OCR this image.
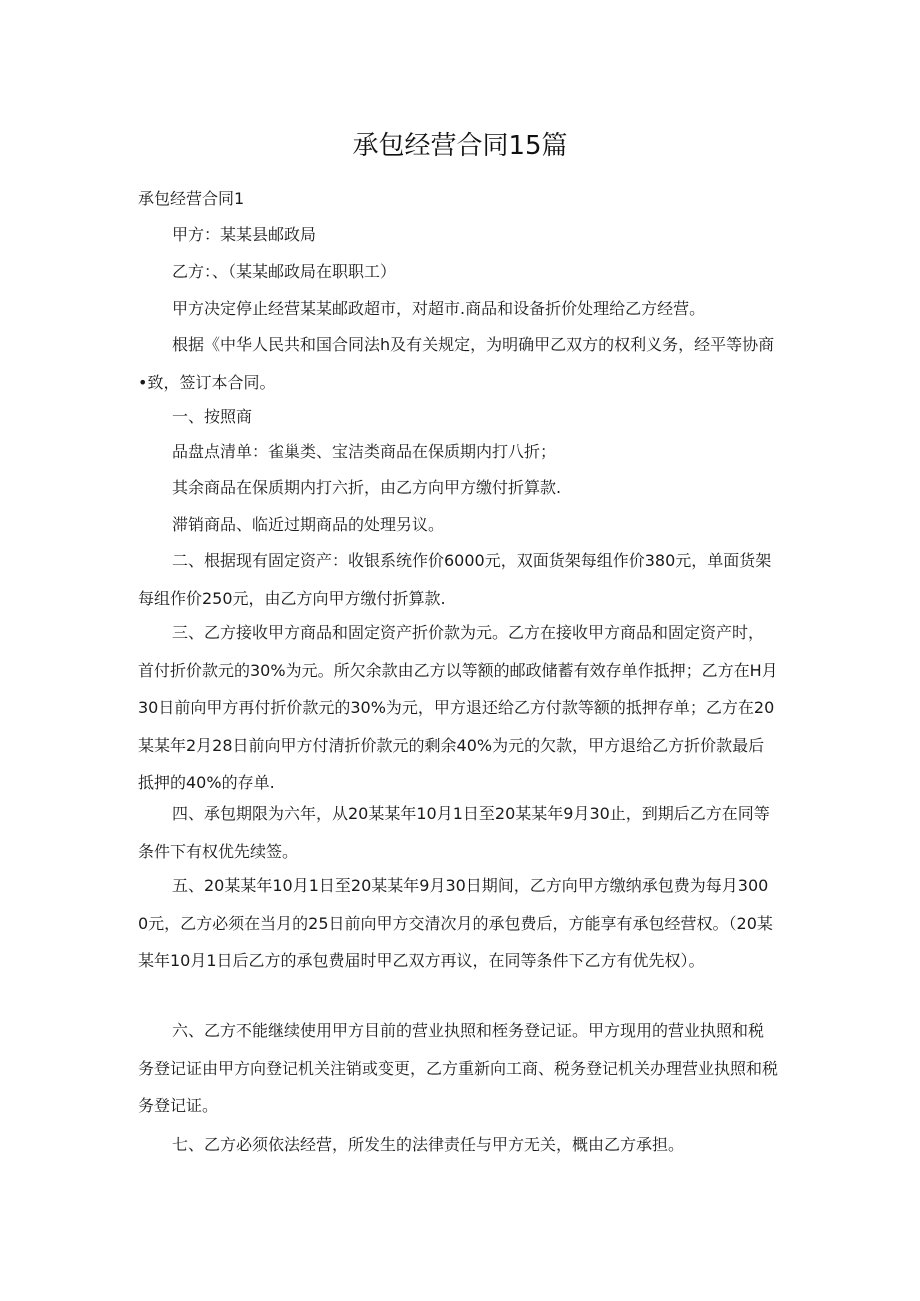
承包经营合同15篇
承包经营合同1
甲方：某某县邮政局
乙方：、（某某邮政局在职职工）
甲方决定停止经营某某邮政超市，对超市.商品和设备折价处理给乙方经营。
根据《中华人民共和国合同法h及有关规定，为明确甲乙双方的权利义务，经平等协商•致，签订本合同。
一、按照商
品盘点清单：雀巢类、宝洁类商品在保质期内打八折；
其余商品在保质期内打六折，由乙方向甲方缴付折算款.
滞销商品、临近过期商品的处理另议。
二、根据现有固定资产：收银系统作价6000元，双面货架每组作价380元，单面货架每组作价250元，由乙方向甲方缴付折算款.
三、乙方接收甲方商品和固定资产折价款为元。乙方在接收甲方商品和固定资产时，首付折价款元的30%为元。所欠余款由乙方以等额的邮政储蓄有效存单作抵押；乙方在H月30日前向甲方再付折价款元的30%为元，甲方退还给乙方付款等额的抵押存单；乙方在20某某年2月28日前向甲方付清折价款元的剩余40%为元的欠款，甲方退给乙方折价款最后抵押的40%的存单.
四、承包期限为六年，从20某某年10月1日至20某某年9月30止，到期后乙方在同等条件下有权优先续签。
五、20某某年10月1日至20某某年9月30日期间，乙方向甲方缴纳承包费为每月3000元，乙方必须在当月的25日前向甲方交清次月的承包费后，方能享有承包经营权。（20某某年10月1日后乙方的承包费届时甲乙双方再议，在同等条件下乙方有优先权）。
六、乙方不能继续使用甲方目前的营业执照和桎务登记证。甲方现用的营业执照和税务登记证由甲方向登记机关注销或变更，乙方重新向工商、税务登记机关办理营业执照和税务登记证。
七、乙方必须依法经营，所发生的法律责任与甲方无关，概由乙方承担。
